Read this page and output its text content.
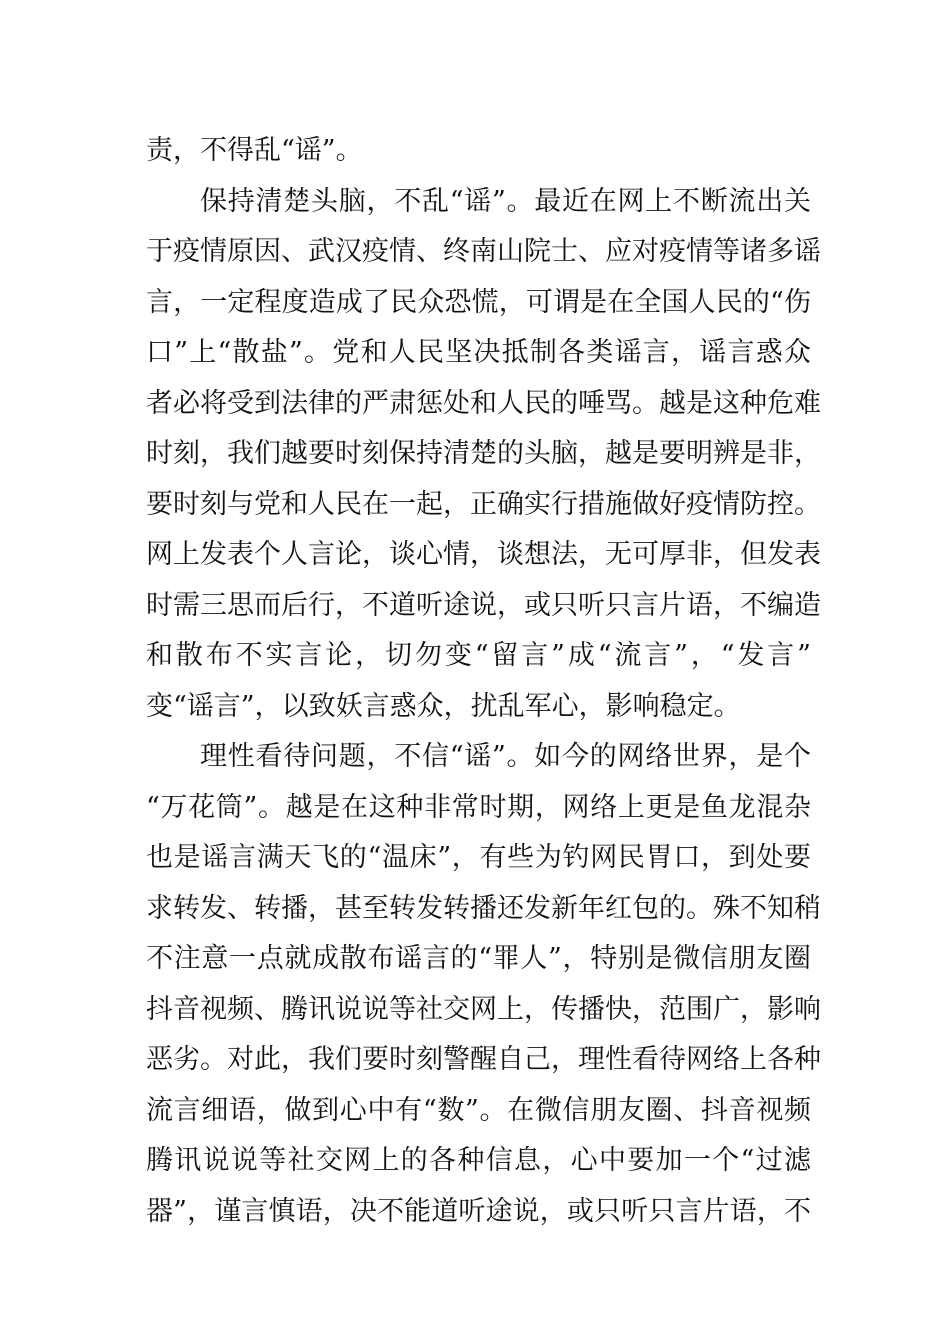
责，不得乱“谣”。
保持清楚头脑，不乱“谣”。最近在网上不断流出关
于疫情原因、武汉疫情、终南山院士、应对疫情等诸多谣
言，一定程度造成了民众恐慌，可谓是在全国人民的“伤
口”上“散盐”。党和人民坚决抵制各类谣言，谣言惑众
者必将受到法律的严肃惩处和人民的唾骂。越是这种危难
时刻，我们越要时刻保持清楚的头脑，越是要明辨是非，
要时刻与党和人民在一起，正确实行措施做好疫情防控。
网上发表个人言论，谈心情，谈想法，无可厚非，但发表
时需三思而后行，不道听途说，或只听只言片语，不编造
和散布不实言论，切勿变“留言”成“流言”，“发言”
变“谣言”，以致妖言惑众，扰乱军心，影响稳定。
理性看待问题，不信“谣”。如今的网络世界，是个
“万花筒”。越是在这种非常时期，网络上更是鱼龙混杂
也是谣言满天飞的“温床”，有些为钓网民胃口，到处要
求转发、转播，甚至转发转播还发新年红包的。殊不知稍
不注意一点就成散布谣言的“罪人”，特别是微信朋友圈
抖音视频、腾讯说说等社交网上，传播快，范围广，影响
恶劣。对此，我们要时刻警醒自己，理性看待网络上各种
流言细语，做到心中有“数”。在微信朋友圈、抖音视频
腾讯说说等社交网上的各种信息，心中要加一个“过滤
器”，谨言慎语，决不能道听途说，或只听只言片语，不
